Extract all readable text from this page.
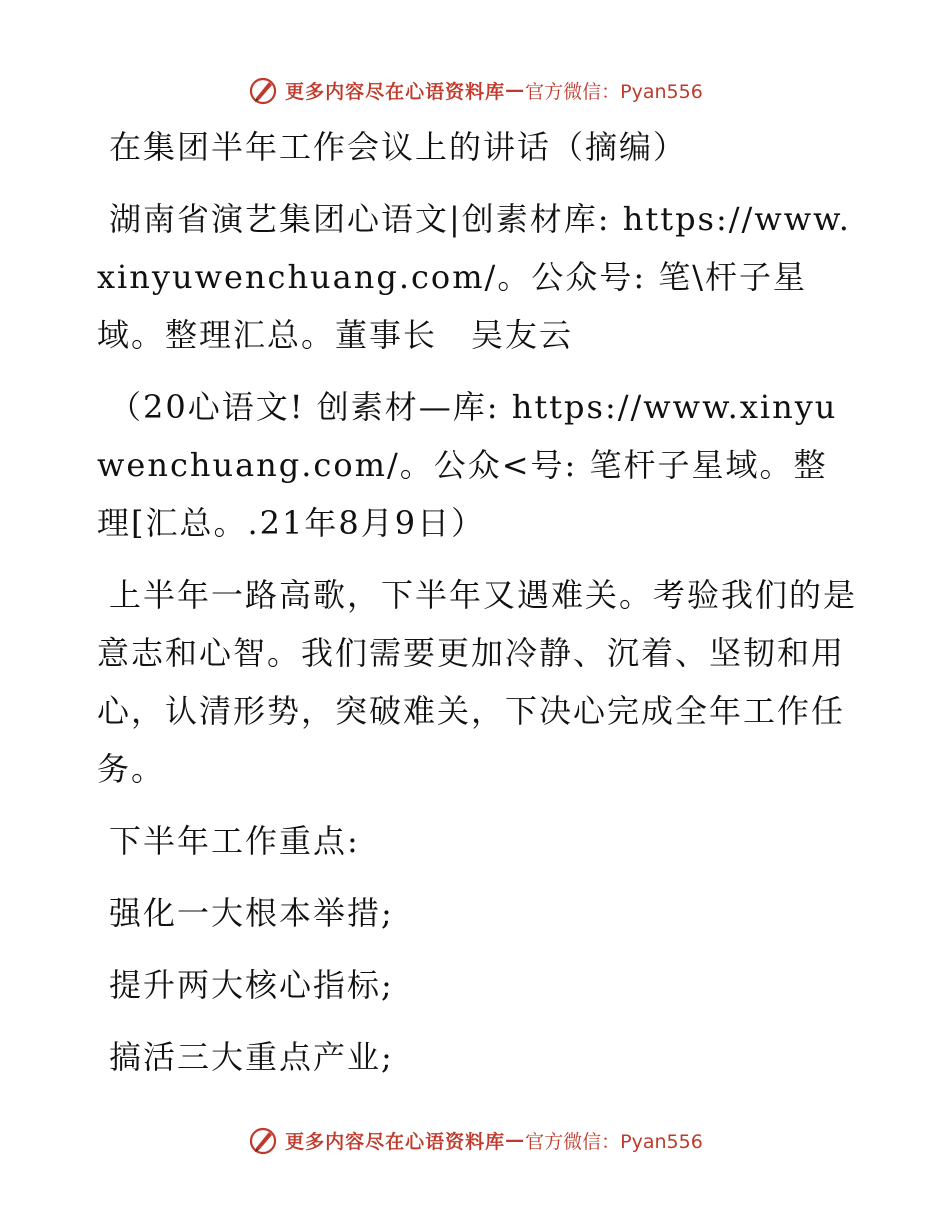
更多内容尽在心语资料库 — 官方微信：Pyan556

在集团半年工作会议上的讲话（摘编）

湖南省演艺集团心语文|创素材库: https://www.xinyuwenchuang.com/。公众号: 笔\杆子星域。整理汇总。董事长　吴友云

（20心语文! 创素材—库: https://www.xinyuwenchuang.com/。公众<号: 笔杆子星域。整理[汇总。.21年8月9日）

上半年一路高歌，下半年又遇难关。考验我们的是意志和心智。我们需要更加冷静、沉着、坚韧和用心，认清形势，突破难关，下决心完成全年工作任务。

下半年工作重点:

强化一大根本举措;

提升两大核心指标;

搞活三大重点产业;

更多内容尽在心语资料库 — 官方微信：Pyan556
